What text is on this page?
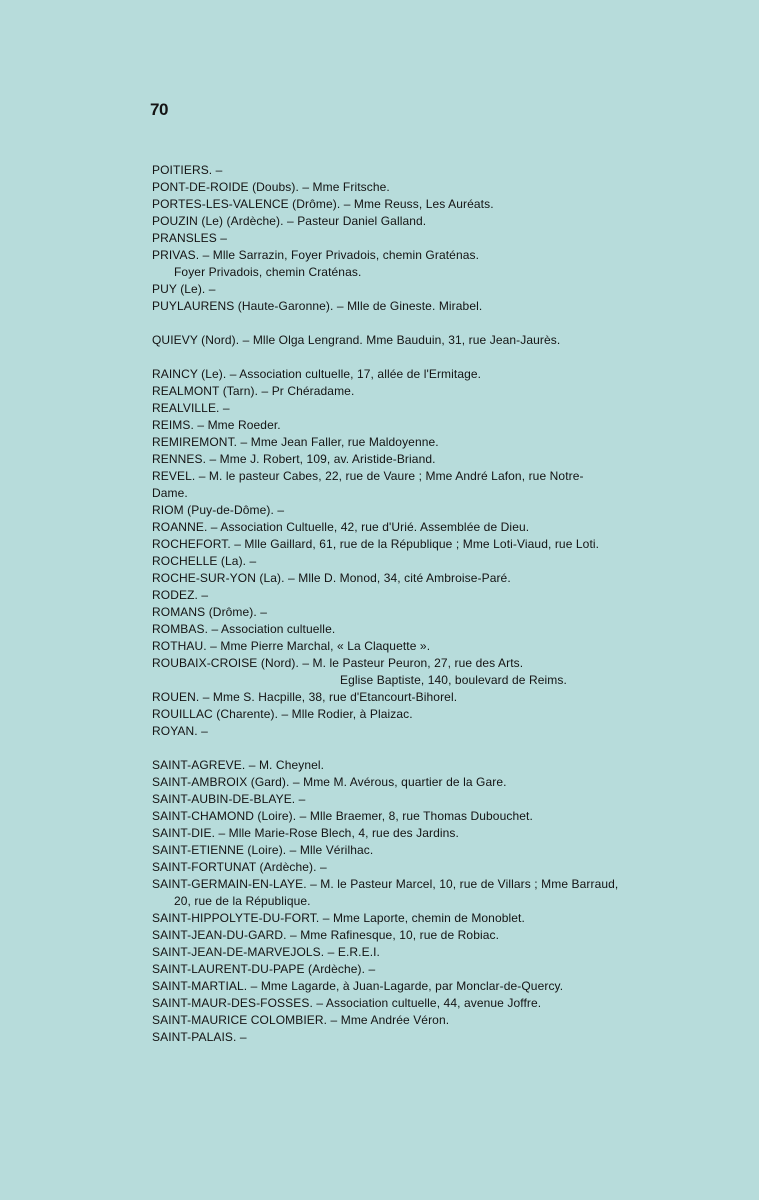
70
POITIERS. –
PONT-DE-ROIDE (Doubs). – Mme Fritsche.
PORTES-LES-VALENCE (Drôme). – Mme Reuss, Les Auréats.
POUZIN (Le) (Ardèche). – Pasteur Daniel Galland.
PRANSLES –
PRIVAS. – Mlle Sarrazin, Foyer Privadois, chemin Graténas.
Foyer Privadois, chemin Craténas.
PUY (Le). –
PUYLAURENS (Haute-Garonne). – Mlle de Gineste. Mirabel.
QUIEVY (Nord). – Mlle Olga Lengrand. Mme Bauduin, 31, rue Jean-Jaurès.
RAINCY (Le). – Association cultuelle, 17, allée de l'Ermitage.
REALMONT (Tarn). – Pr Chéradame.
REALVILLE. –
REIMS. – Mme Roeder.
REMIREMONT. – Mme Jean Faller, rue Maldoyenne.
RENNES. – Mme J. Robert, 109, av. Aristide-Briand.
REVEL. – M. le pasteur Cabes, 22, rue de Vaure ; Mme André Lafon, rue Notre-
Dame.
RIOM (Puy-de-Dôme). –
ROANNE. – Association Cultuelle, 42, rue d'Urié. Assemblée de Dieu.
ROCHEFORT. – Mlle Gaillard, 61, rue de la République ; Mme Loti-Viaud, rue Loti.
ROCHELLE (La). –
ROCHE-SUR-YON (La). – Mlle D. Monod, 34, cité Ambroise-Paré.
RODEZ. –
ROMANS (Drôme). –
ROMBAS. – Association cultuelle.
ROTHAU. – Mme Pierre Marchal, « La Claquette ».
ROUBAIX-CROISE (Nord). – M. le Pasteur Peuron, 27, rue des Arts.
Eglise Baptiste, 140, boulevard de Reims.
ROUEN. – Mme S. Hacpille, 38, rue d'Etancourt-Bihorel.
ROUILLAC (Charente). – Mlle Rodier, à Plaizac.
ROYAN. –
SAINT-AGREVE. – M. Cheynel.
SAINT-AMBROIX (Gard). – Mme M. Avérous, quartier de la Gare.
SAINT-AUBIN-DE-BLAYE. –
SAINT-CHAMOND (Loire). – Mlle Braemer, 8, rue Thomas Dubouchet.
SAINT-DIE. – Mlle Marie-Rose Blech, 4, rue des Jardins.
SAINT-ETIENNE (Loire). – Mlle Vérilhac.
SAINT-FORTUNAT (Ardèche). –
SAINT-GERMAIN-EN-LAYE. – M. le Pasteur Marcel, 10, rue de Villars ; Mme Barraud,
20, rue de la République.
SAINT-HIPPOLYTE-DU-FORT. – Mme Laporte, chemin de Monoblet.
SAINT-JEAN-DU-GARD. – Mme Rafinesque, 10, rue de Robiac.
SAINT-JEAN-DE-MARVEJOLS. – E.R.E.I.
SAINT-LAURENT-DU-PAPE (Ardèche). –
SAINT-MARTIAL. – Mme Lagarde, à Juan-Lagarde, par Monclar-de-Quercy.
SAINT-MAUR-DES-FOSSES. – Association cultuelle, 44, avenue Joffre.
SAINT-MAURICE COLOMBIER. – Mme Andrée Véron.
SAINT-PALAIS. –
